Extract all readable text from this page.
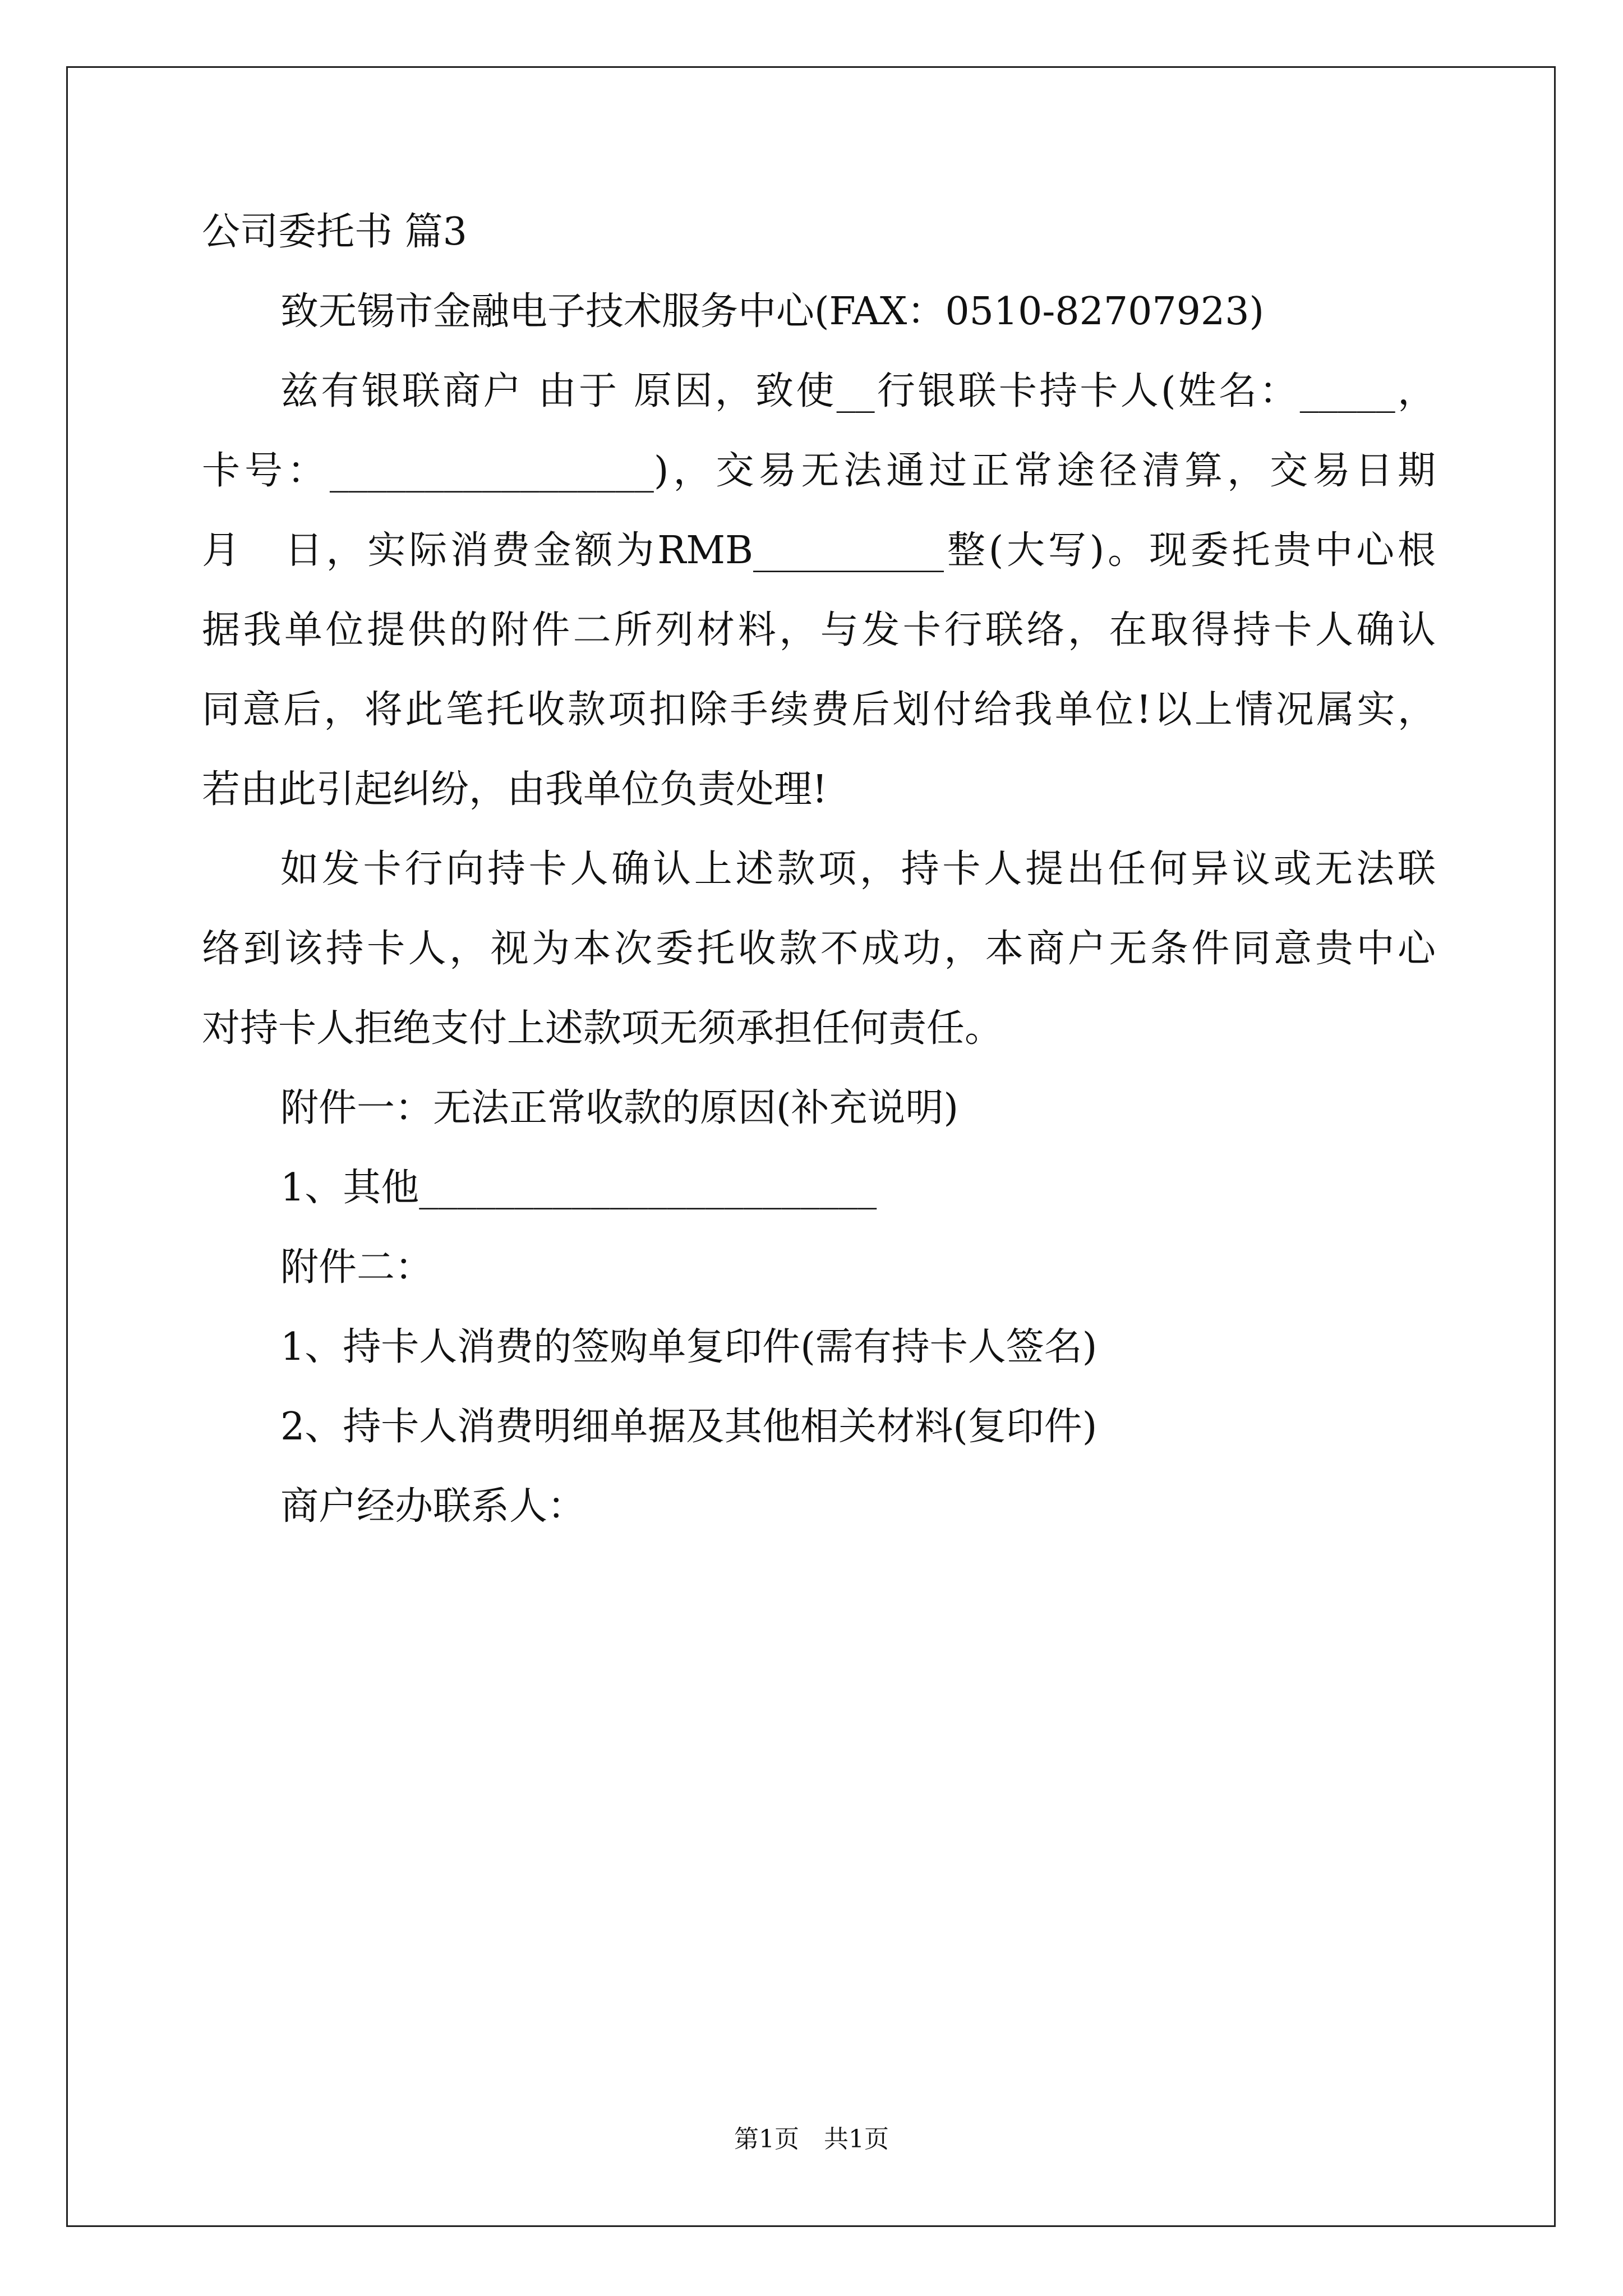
公司委托书 篇3
致无锡市金融电子技术服务中心(FAX：0510-82707923)
兹有银联商户 由于 原因，致使__行银联卡持卡人(姓名：_____，
卡号：_________________)，交易无法通过正常途径清算，交易日期
月　日，实际消费金额为RMB__________整(大写)。现委托贵中心根
据我单位提供的附件二所列材料，与发卡行联络，在取得持卡人确认
同意后，将此笔托收款项扣除手续费后划付给我单位!以上情况属实，
若由此引起纠纷，由我单位负责处理!
如发卡行向持卡人确认上述款项，持卡人提出任何异议或无法联
络到该持卡人，视为本次委托收款不成功，本商户无条件同意贵中心
对持卡人拒绝支付上述款项无须承担任何责任。
附件一：无法正常收款的原因(补充说明)
1、其他________________________
附件二：
1、持卡人消费的签购单复印件(需有持卡人签名)
2、持卡人消费明细单据及其他相关材料(复印件)
商户经办联系人：
第1页　共1页
